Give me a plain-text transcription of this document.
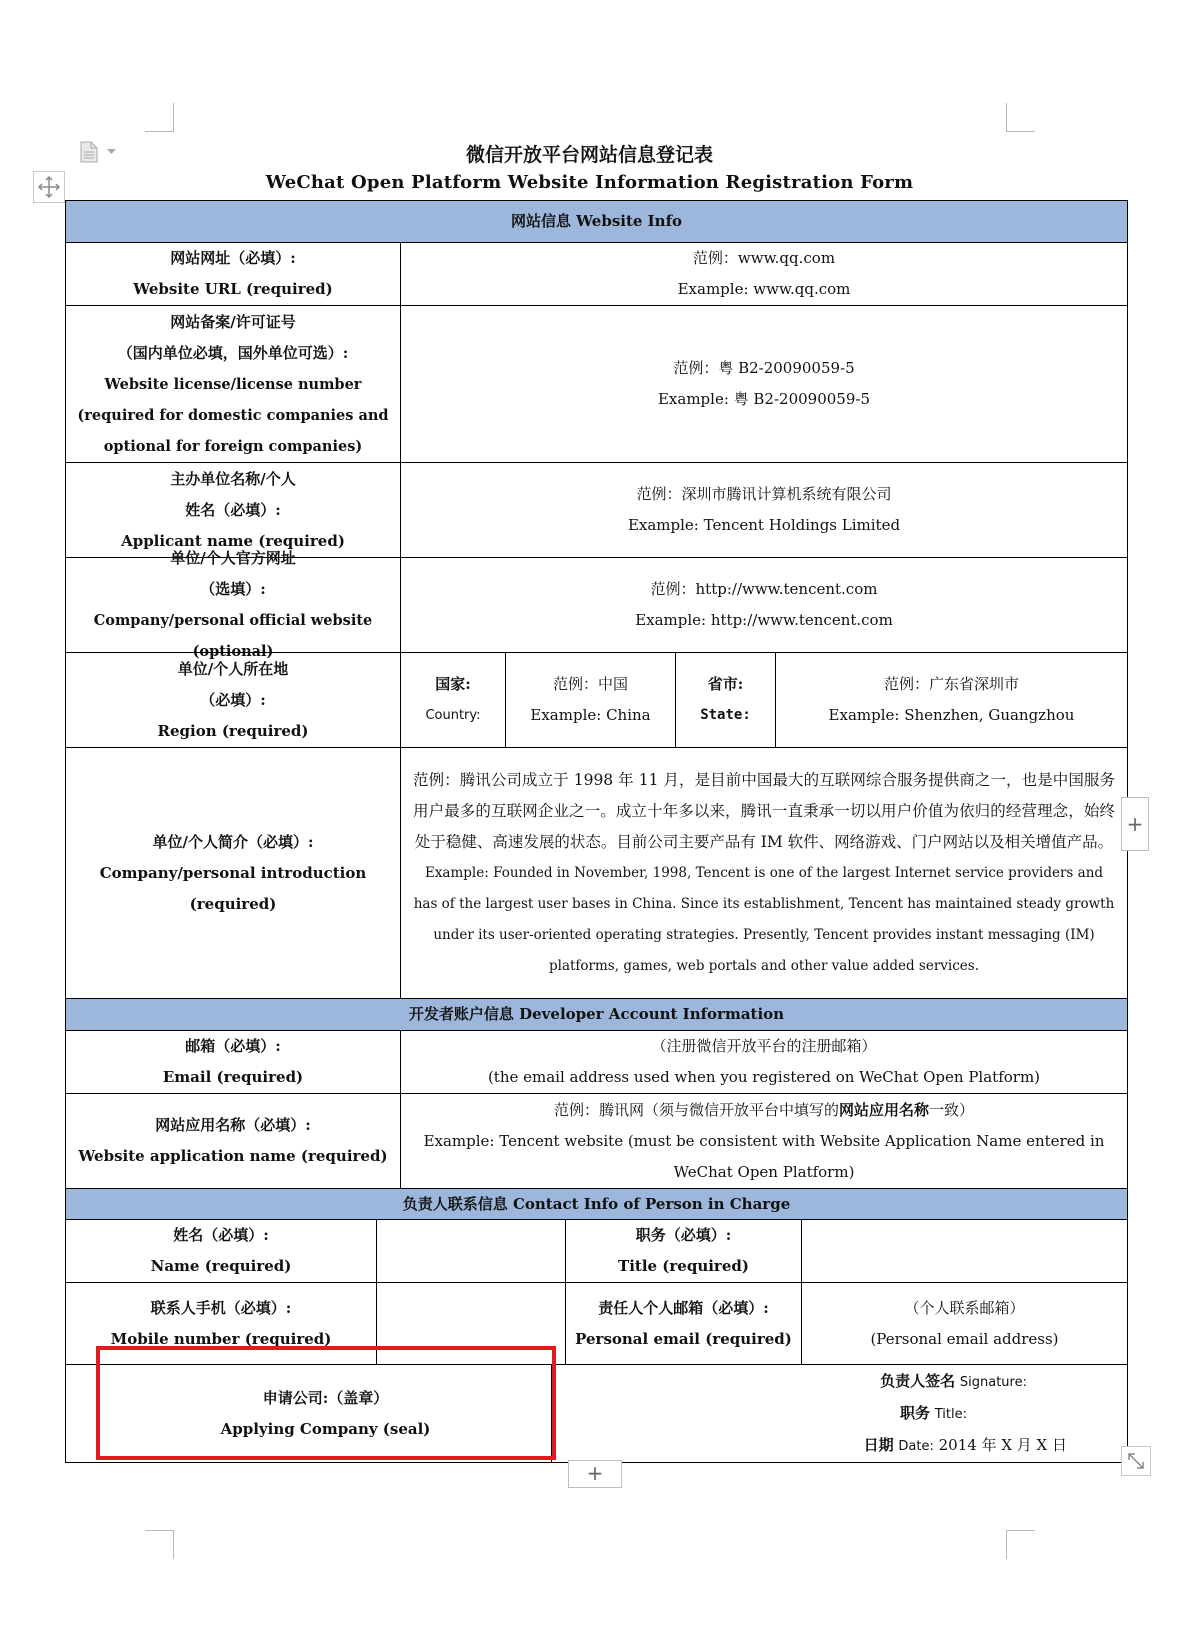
微信开放平台网站信息登记表
WeChat Open Platform Website Information Registration Form
网站信息 Website Info
网站网址（必填）:
Website URL (required)
范例：www.qq.com
Example: www.qq.com
网站备案/许可证号
（国内单位必填，国外单位可选）:
Website license/license number (required for domestic companies and optional for foreign companies)
范例：粤 B2-20090059-5
Example: 粤 B2-20090059-5
主办单位名称/个人
姓名（必填）:
Applicant name (required)
范例：深圳市腾讯计算机系统有限公司
Example: Tencent Holdings Limited
单位/个人官方网址
（选填）:
Company/personal official website (optional)
范例：http://www.tencent.com
Example: http://www.tencent.com
单位/个人所在地
（必填）:
Region (required)
国家:
Country:
范例：中国
Example: China
省市:
State:
范例：广东省深圳市
Example: Shenzhen, Guangzhou
单位/个人简介（必填）:
Company/personal introduction (required)
范例：腾讯公司成立于 1998 年 11 月，是目前中国最大的互联网综合服务提供商之一，也是中国服务用户最多的互联网企业之一。成立十年多以来，腾讯一直秉承一切以用户价值为依归的经营理念，始终处于稳健、高速发展的状态。目前公司主要产品有 IM 软件、网络游戏、门户网站以及相关增值产品。
Example: Founded in November, 1998, Tencent is one of the largest Internet service providers and has of the largest user bases in China. Since its establishment, Tencent has maintained steady growth under its user-oriented operating strategies. Presently, Tencent provides instant messaging (IM) platforms, games, web portals and other value added services.
开发者账户信息 Developer Account Information
邮箱（必填）:
Email (required)
（注册微信开放平台的注册邮箱）
(the email address used when you registered on WeChat Open Platform)
网站应用名称（必填）:
Website application name (required)
范例：腾讯网（须与微信开放平台中填写的网站应用名称一致）
Example: Tencent website (must be consistent with Website Application Name entered in WeChat Open Platform)
负责人联系信息 Contact Info of Person in Charge
姓名（必填）:
Name (required)
职务（必填）:
Title (required)
联系人手机（必填）:
Mobile number (required)
责任人个人邮箱（必填）:
Personal email (required)
（个人联系邮箱）
(Personal email address)
申请公司:（盖章）
Applying Company (seal)
负责人签名 Signature:
职务 Title:
日期 Date: 2014 年 X 月 X 日
+
+
